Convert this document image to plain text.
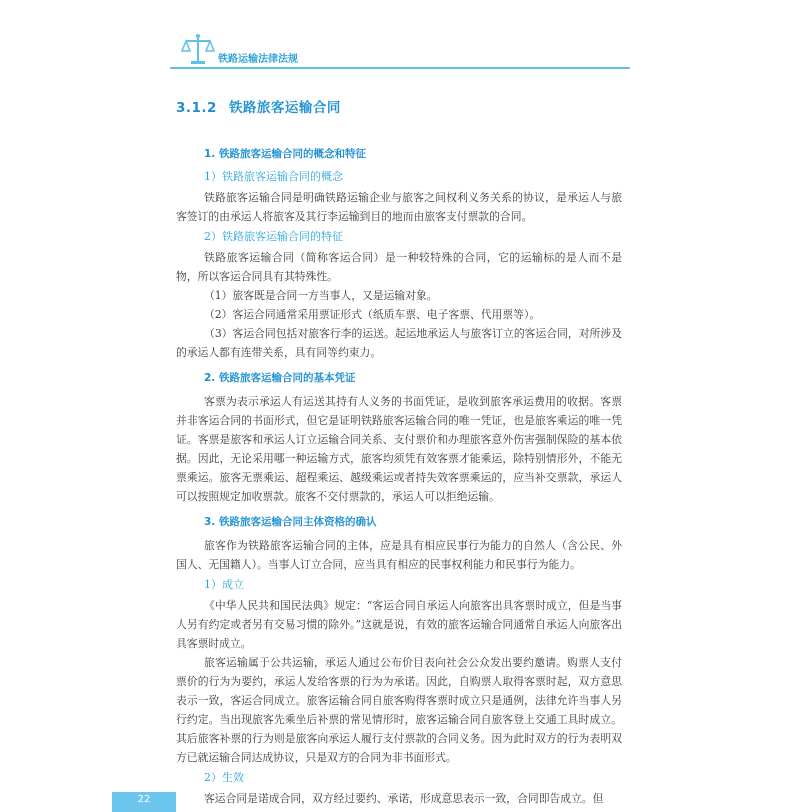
铁路运输法律法规
3.1.2 铁路旅客运输合同
1. 铁路旅客运输合同的概念和特征
1）铁路旅客运输合同的概念

铁路旅客运输合同是明确铁路运输企业与旅客之间权利义务关系的协议，是承运人与旅客签订的由承运人将旅客及其行李运输到目的地而由旅客支付票款的合同。

2）铁路旅客运输合同的特征

铁路旅客运输合同（简称客运合同）是一种较特殊的合同，它的运输标的是人而不是物，所以客运合同具有其特殊性。

（1）旅客既是合同一方当事人，又是运输对象。

（2）客运合同通常采用票证形式（纸质车票、电子客票、代用票等）。

（3）客运合同包括对旅客行李的运送。起运地承运人与旅客订立的客运合同，对所涉及的承运人都有连带关系，具有同等约束力。

2. 铁路旅客运输合同的基本凭证

客票为表示承运人有运送其持有人义务的书面凭证，是收到旅客承运费用的收据。客票并非客运合同的书面形式，但它是证明铁路旅客运输合同的唯一凭证，也是旅客乘运的唯一凭证。客票是旅客和承运人订立运输合同关系、支付票价和办理旅客意外伤害强制保险的基本依据。因此，无论采用哪一种运输方式，旅客均须凭有效客票才能乘运，除特别情形外，不能无票乘运。旅客无票乘运、超程乘运、越级乘运或者持失效客票乘运的，应当补交票款，承运人可以按照规定加收票款。旅客不交付票款的，承运人可以拒绝运输。

3. 铁路旅客运输合同主体资格的确认

旅客作为铁路旅客运输合同的主体，应是具有相应民事行为能力的自然人（含公民、外国人、无国籍人）。当事人订立合同，应当具有相应的民事权利能力和民事行为能力。

1）成立

《中华人民共和国民法典》规定：“客运合同自承运人向旅客出具客票时成立，但是当事人另有约定或者另有交易习惯的除外。”这就是说，有效的旅客运输合同通常自承运人向旅客出具客票时成立。

旅客运输属于公共运输，承运人通过公布价目表向社会公众发出要约邀请。购票人支付票价的行为为要约，承运人发给客票的行为为承诺。因此，自购票人取得客票时起，双方意思表示一致，客运合同成立。旅客运输合同自旅客购得客票时成立只是通例，法律允许当事人另行约定。当出现旅客先乘坐后补票的常见情形时，旅客运输合同自旅客登上交通工具时成立。其后旅客补票的行为则是旅客向承运人履行支付票款的合同义务。因为此时双方的行为表明双方已就运输合同达成协议，只是双方的合同为非书面形式。

2）生效

客运合同是诺成合同，双方经过要约、承诺，形成意思表示一致，合同即告成立。但

22
